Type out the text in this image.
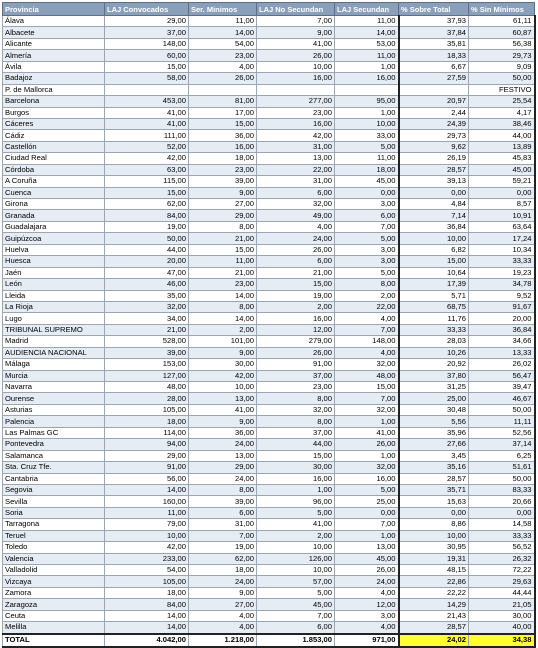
Provincia	LAJ Convocados	Ser. Minimos	LAJ No Secundan	LAJ Secundan	% Sobre Total	% Sin Mínimos
Álava	29,00	11,00	7,00	11,00	37,93	61,11
Albacete	37,00	14,00	9,00	14,00	37,84	60,87
Alicante	148,00	54,00	41,00	53,00	35,81	56,38
Almería	60,00	23,00	26,00	11,00	18,33	29,73
Ávila	15,00	4,00	10,00	1,00	6,67	9,09
Badajoz	58,00	26,00	16,00	16,00	27,59	50,00
P. de Mallorca						FESTIVO
Barcelona	453,00	81,00	277,00	95,00	20,97	25,54
Burgos	41,00	17,00	23,00	1,00	2,44	4,17
Cáceres	41,00	15,00	16,00	10,00	24,39	38,46
Cádiz	111,00	36,00	42,00	33,00	29,73	44,00
Castellón	52,00	16,00	31,00	5,00	9,62	13,89
Ciudad Real	42,00	18,00	13,00	11,00	26,19	45,83
Córdoba	63,00	23,00	22,00	18,00	28,57	45,00
A Coruña	115,00	39,00	31,00	45,00	39,13	59,21
Cuenca	15,00	9,00	6,00	0,00	0,00	0,00
Girona	62,00	27,00	32,00	3,00	4,84	8,57
Granada	84,00	29,00	49,00	6,00	7,14	10,91
Guadalajara	19,00	8,00	4,00	7,00	36,84	63,64
Guipúzcoa	50,00	21,00	24,00	5,00	10,00	17,24
Huelva	44,00	15,00	26,00	3,00	6,82	10,34
Huesca	20,00	11,00	6,00	3,00	15,00	33,33
Jaén	47,00	21,00	21,00	5,00	10,64	19,23
León	46,00	23,00	15,00	8,00	17,39	34,78
Lleida	35,00	14,00	19,00	2,00	5,71	9,52
La Rioja	32,00	8,00	2,00	22,00	68,75	91,67
Lugo	34,00	14,00	16,00	4,00	11,76	20,00
TRIBUNAL SUPREMO	21,00	2,00	12,00	7,00	33,33	36,84
Madrid	528,00	101,00	279,00	148,00	28,03	34,66
AUDIENCIA NACIONAL	39,00	9,00	26,00	4,00	10,26	13,33
Málaga	153,00	30,00	91,00	32,00	20,92	26,02
Murcia	127,00	42,00	37,00	48,00	37,80	56,47
Navarra	48,00	10,00	23,00	15,00	31,25	39,47
Ourense	28,00	13,00	8,00	7,00	25,00	46,67
Asturias	105,00	41,00	32,00	32,00	30,48	50,00
Palencia	18,00	9,00	8,00	1,00	5,56	11,11
Las Palmas GC	114,00	36,00	37,00	41,00	35,96	52,56
Pontevedra	94,00	24,00	44,00	26,00	27,66	37,14
Salamanca	29,00	13,00	15,00	1,00	3,45	6,25
Sta. Cruz Tfe.	91,00	29,00	30,00	32,00	35,16	51,61
Cantabria	56,00	24,00	16,00	16,00	28,57	50,00
Segovia	14,00	8,00	1,00	5,00	35,71	83,33
Sevilla	160,00	39,00	96,00	25,00	15,63	20,66
Soria	11,00	6,00	5,00	0,00	0,00	0,00
Tarragona	79,00	31,00	41,00	7,00	8,86	14,58
Teruel	10,00	7,00	2,00	1,00	10,00	33,33
Toledo	42,00	19,00	10,00	13,00	30,95	56,52
Valencia	233,00	62,00	126,00	45,00	19,31	26,32
Valladolid	54,00	18,00	10,00	26,00	48,15	72,22
Vizcaya	105,00	24,00	57,00	24,00	22,86	29,63
Zamora	18,00	9,00	5,00	4,00	22,22	44,44
Zaragoza	84,00	27,00	45,00	12,00	14,29	21,05
Ceuta	14,00	4,00	7,00	3,00	21,43	30,00
Melilla	14,00	4,00	6,00	4,00	28,57	40,00
TOTAL	4.042,00	1.218,00	1.853,00	971,00	24,02	34,38
